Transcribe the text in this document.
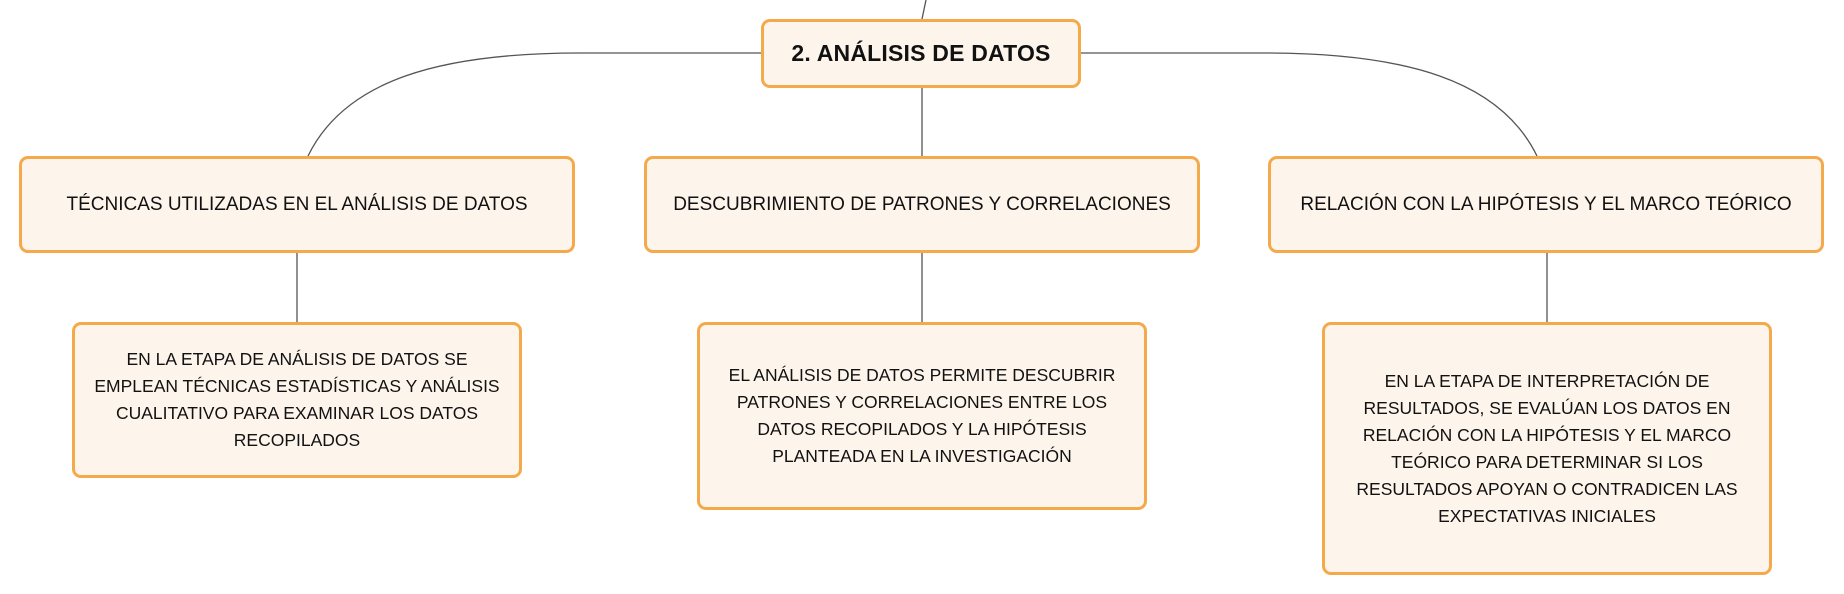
2. ANÁLISIS DE DATOS
TÉCNICAS UTILIZADAS EN EL ANÁLISIS DE DATOS	DESCUBRIMIENTO DE PATRONES Y CORRELACIONES	RELACIÓN CON LA HIPÓTESIS Y EL MARCO TEÓRICO
EN LA ETAPA DE ANÁLISIS DE DATOS SE EMPLEAN TÉCNICAS ESTADÍSTICAS Y ANÁLISIS CUALITATIVO PARA EXAMINAR LOS DATOS RECOPILADOS
EL ANÁLISIS DE DATOS PERMITE DESCUBRIR PATRONES Y CORRELACIONES ENTRE LOS DATOS RECOPILADOS Y LA HIPÓTESIS PLANTEADA EN LA INVESTIGACIÓN
EN LA ETAPA DE INTERPRETACIÓN DE RESULTADOS, SE EVALÚAN LOS DATOS EN RELACIÓN CON LA HIPÓTESIS Y EL MARCO TEÓRICO PARA DETERMINAR SI LOS RESULTADOS APOYAN O CONTRADICEN LAS EXPECTATIVAS INICIALES
